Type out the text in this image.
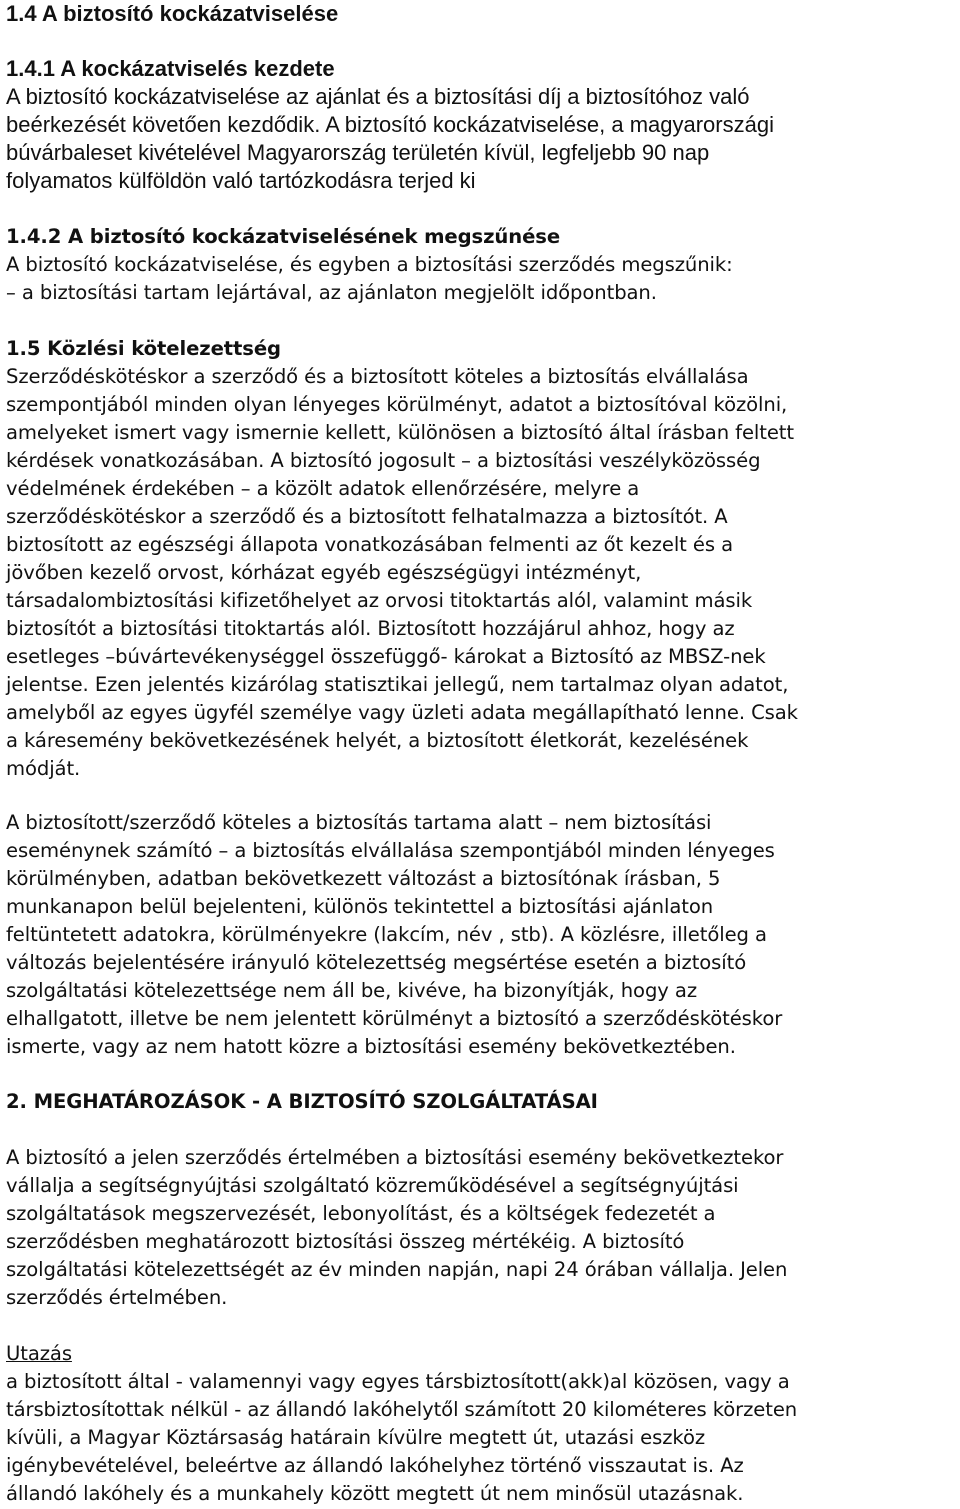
1.4 A biztosító kockázatviselése
1.4.1 A kockázatviselés kezdete
A biztosító kockázatviselése az ajánlat és a biztosítási díj a biztosítóhoz való
beérkezését követően kezdődik. A biztosító kockázatviselése, a magyarországi
búvárbaleset kivételével Magyarország területén kívül, legfeljebb 90 nap
folyamatos külföldön való tartózkodásra terjed ki
1.4.2 A biztosító kockázatviselésének megszűnése
A biztosító kockázatviselése, és egyben a biztosítási szerződés megszűnik:
– a biztosítási tartam lejártával, az ajánlaton megjelölt időpontban.
1.5 Közlési kötelezettség
Szerződéskötéskor a szerződő és a biztosított köteles a biztosítás elvállalása
szempontjából minden olyan lényeges körülményt, adatot a biztosítóval közölni,
amelyeket ismert vagy ismernie kellett, különösen a biztosító által írásban feltett
kérdések vonatkozásában. A biztosító jogosult – a biztosítási veszélyközösség
védelmének érdekében – a közölt adatok ellenőrzésére, melyre a
szerződéskötéskor a szerződő és a biztosított felhatalmazza a biztosítót. A
biztosított az egészségi állapota vonatkozásában felmenti az őt kezelt és a
jövőben kezelő orvost, kórházat egyéb egészségügyi intézményt,
társadalombiztosítási kifizetőhelyet az orvosi titoktartás alól, valamint másik
biztosítót a biztosítási titoktartás alól. Biztosított hozzájárul ahhoz, hogy az
esetleges –búvártevékenységgel összefüggő- károkat a Biztosító az MBSZ-nek
jelentse. Ezen jelentés kizárólag statisztikai jellegű, nem tartalmaz olyan adatot,
amelyből az egyes ügyfél személye vagy üzleti adata megállapítható lenne. Csak
a káresemény bekövetkezésének helyét, a biztosított életkorát, kezelésének
módját.
A biztosított/szerződő köteles a biztosítás tartama alatt – nem biztosítási
eseménynek számító – a biztosítás elvállalása szempontjából minden lényeges
körülményben, adatban bekövetkezett változást a biztosítónak írásban, 5
munkanapon belül bejelenteni, különös tekintettel a biztosítási ajánlaton
feltüntetett adatokra, körülményekre (lakcím, név , stb). A közlésre, illetőleg a
változás bejelentésére irányuló kötelezettség megsértése esetén a biztosító
szolgáltatási kötelezettsége nem áll be, kivéve, ha bizonyítják, hogy az
elhallgatott, illetve be nem jelentett körülményt a biztosító a szerződéskötéskor
ismerte, vagy az nem hatott közre a biztosítási esemény bekövetkeztében.
2. MEGHATÁROZÁSOK - A BIZTOSÍTÓ SZOLGÁLTATÁSAI
A biztosító a jelen szerződés értelmében a biztosítási esemény bekövetkeztekor
vállalja a segítségnyújtási szolgáltató közreműködésével a segítségnyújtási
szolgáltatások megszervezését, lebonyolítást, és a költségek fedezetét a
szerződésben meghatározott biztosítási összeg mértékéig. A biztosító
szolgáltatási kötelezettségét az év minden napján, napi 24 órában vállalja. Jelen
szerződés értelmében.
Utazás
a biztosított által - valamennyi vagy egyes társbiztosított(akk)al közösen, vagy a
társbiztosítottak nélkül - az állandó lakóhelytől számított 20 kilométeres körzeten
kívüli, a Magyar Köztársaság határain kívülre megtett út, utazási eszköz
igénybevételével, beleértve az állandó lakóhelyhez történő visszautat is. Az
állandó lakóhely és a munkahely között megtett út nem minősül utazásnak.
